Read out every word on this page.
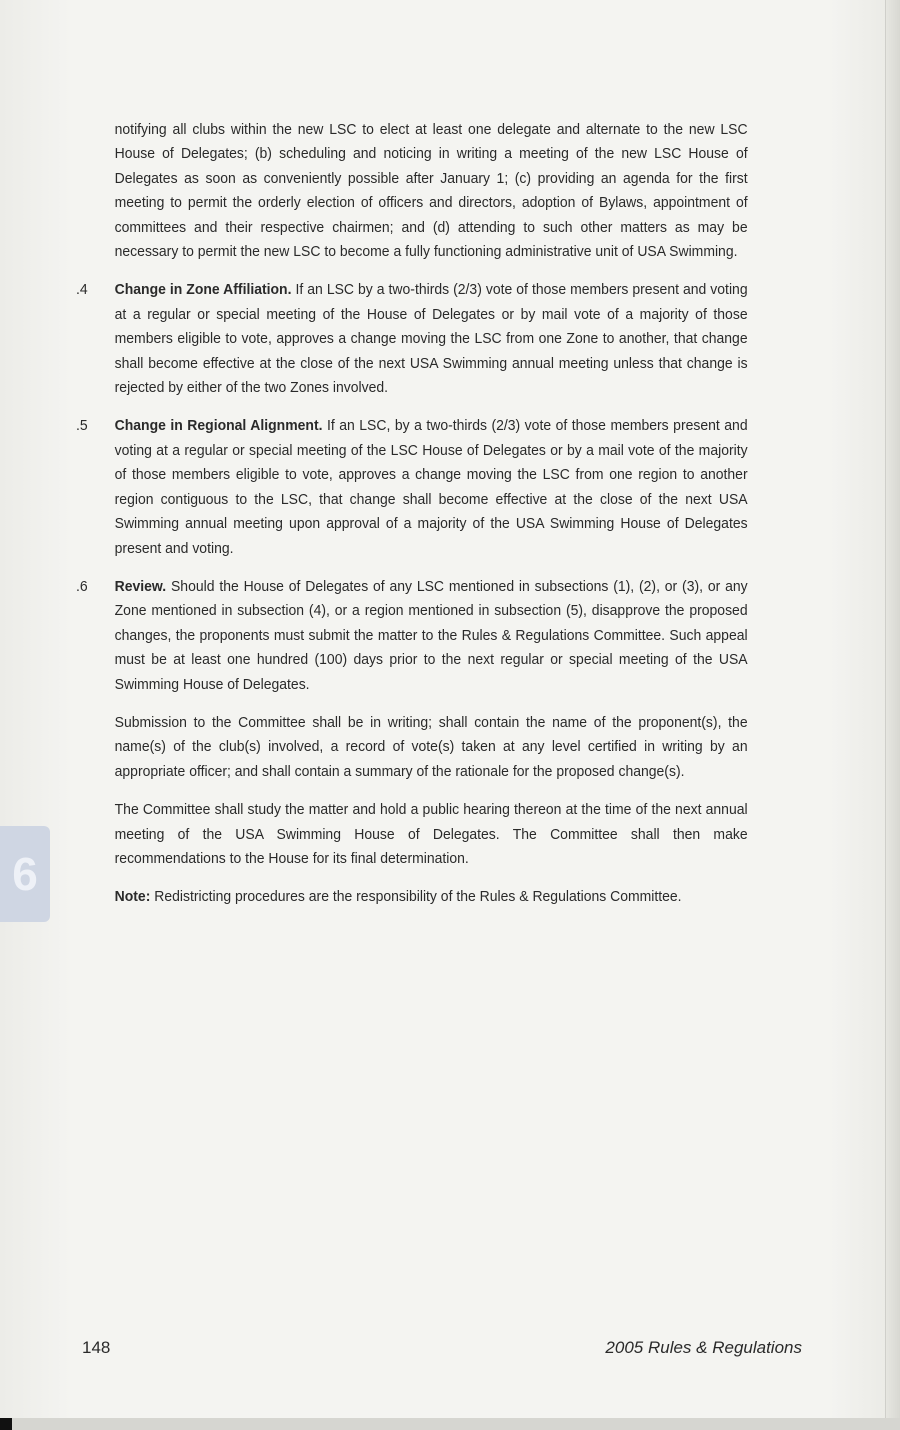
6

notifying all clubs within the new LSC to elect at least one delegate and alternate to the new LSC House of Delegates; (b) scheduling and noticing in writing a meeting of the new LSC House of Delegates as soon as conveniently possible after January 1; (c) providing an agenda for the first meeting to permit the orderly election of officers and directors, adoption of Bylaws, appointment of committees and their respective chairmen; and (d) attending to such other matters as may be necessary to permit the new LSC to become a fully functioning administrative unit of USA Swimming.

.4 Change in Zone Affiliation. If an LSC by a two-thirds (2/3) vote of those members present and voting at a regular or special meeting of the House of Delegates or by mail vote of a majority of those members eligible to vote, approves a change moving the LSC from one Zone to another, that change shall become effective at the close of the next USA Swimming annual meeting unless that change is rejected by either of the two Zones involved.
.5 Change in Regional Alignment. If an LSC, by a two-thirds (2/3) vote of those members present and voting at a regular or special meeting of the LSC House of Delegates or by a mail vote of the majority of those members eligible to vote, approves a change moving the LSC from one region to another region contiguous to the LSC, that change shall become effective at the close of the next USA Swimming annual meeting upon approval of a majority of the USA Swimming House of Delegates present and voting.
.6 Review. Should the House of Delegates of any LSC mentioned in subsections (1), (2), or (3), or any Zone mentioned in subsection (4), or a region mentioned in subsection (5), disapprove the proposed changes, the proponents must submit the matter to the Rules & Regulations Committee. Such appeal must be at least one hundred (100) days prior to the next regular or special meeting of the USA Swimming House of Delegates.

Submission to the Committee shall be in writing; shall contain the name of the proponent(s), the name(s) of the club(s) involved, a record of vote(s) taken at any level certified in writing by an appropriate officer; and shall contain a summary of the rationale for the proposed change(s).

The Committee shall study the matter and hold a public hearing thereon at the time of the next annual meeting of the USA Swimming House of Delegates. The Committee shall then make recommendations to the House for its final determination.

Note: Redistricting procedures are the responsibility of the Rules & Regulations Committee.

148	2005 Rules & Regulations
